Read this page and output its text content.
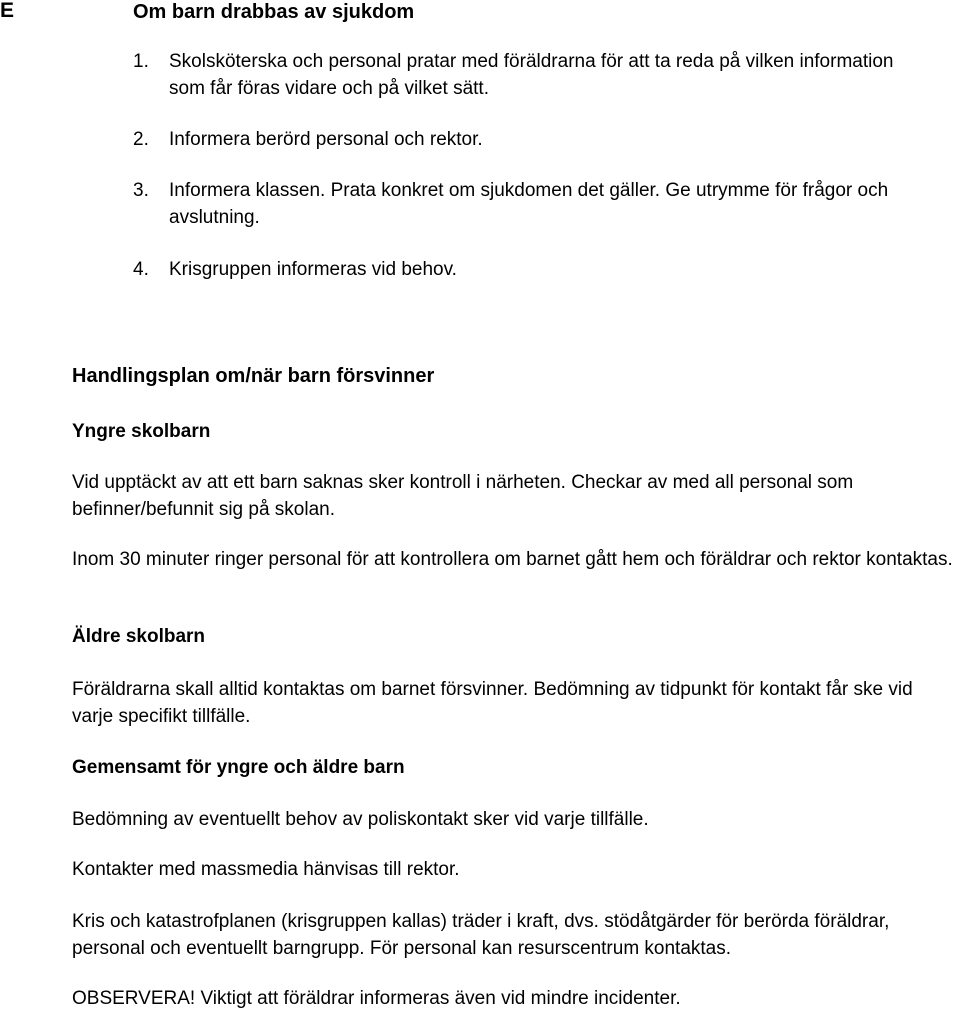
E	Om barn drabbas av sjukdom
1. Skolsköterska och personal pratar med föräldrarna för att ta reda på vilken information som får föras vidare och på vilket sätt.
2. Informera berörd personal och rektor.
3. Informera klassen. Prata konkret om sjukdomen det gäller. Ge utrymme för frågor och avslutning.
4. Krisgruppen informeras vid behov.
Handlingsplan om/när barn försvinner
Yngre skolbarn

Vid upptäckt av att ett barn saknas sker kontroll i närheten. Checkar av med all personal som befinner/befunnit sig på skolan.

Inom 30 minuter ringer personal för att kontrollera om barnet gått hem och föräldrar och rektor kontaktas.

Äldre skolbarn

Föräldrarna skall alltid kontaktas om barnet försvinner. Bedömning av tidpunkt för kontakt får ske vid varje specifikt tillfälle.

Gemensamt för yngre och äldre barn

Bedömning av eventuellt behov av poliskontakt sker vid varje tillfälle.

Kontakter med massmedia hänvisas till rektor.

Kris och katastrofplanen (krisgruppen kallas) träder i kraft, dvs. stödåtgärder för berörda föräldrar, personal och eventuellt barngrupp. För personal kan resurscentrum kontaktas.

OBSERVERA! Viktigt att föräldrar informeras även vid mindre incidenter.
